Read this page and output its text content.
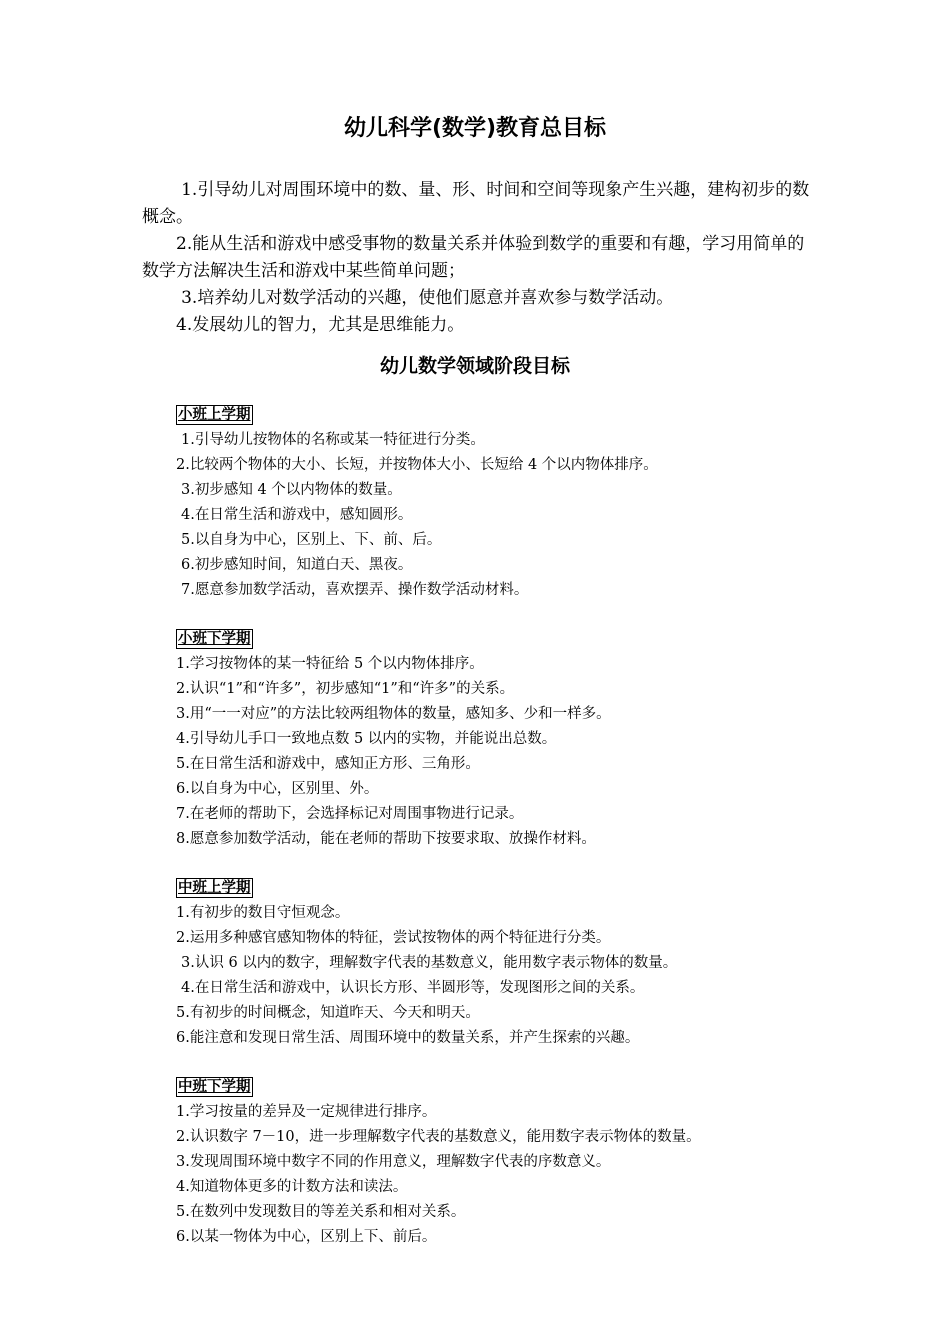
幼儿科学(数学)教育总目标

1.引导幼儿对周围环境中的数、量、形、时间和空间等现象产生兴趣，建构初步的数概念。

2.能从生活和游戏中感受事物的数量关系并体验到数学的重要和有趣，学习用简单的数学方法解决生活和游戏中某些简单问题；

3.培养幼儿对数学活动的兴趣，使他们愿意并喜欢参与数学活动。

4.发展幼儿的智力，尤其是思维能力。

幼儿数学领域阶段目标
小班上学期
1.引导幼儿按物体的名称或某一特征进行分类。
2.比较两个物体的大小、长短，并按物体大小、长短给 4 个以内物体排序。
3.初步感知 4 个以内物体的数量。
4.在日常生活和游戏中，感知圆形。
5.以自身为中心，区别上、下、前、后。
6.初步感知时间，知道白天、黑夜。
7.愿意参加数学活动，喜欢摆弄、操作数学活动材料。
小班下学期
1.学习按物体的某一特征给 5 个以内物体排序。
2.认识“1”和“许多”，初步感知“1”和“许多”的关系。
3.用“一一对应”的方法比较两组物体的数量，感知多、少和一样多。
4.引导幼儿手口一致地点数 5 以内的实物，并能说出总数。
5.在日常生活和游戏中，感知正方形、三角形。
6.以自身为中心，区别里、外。
7.在老师的帮助下，会选择标记对周围事物进行记录。
8.愿意参加数学活动，能在老师的帮助下按要求取、放操作材料。
中班上学期
1.有初步的数目守恒观念。
2.运用多种感官感知物体的特征，尝试按物体的两个特征进行分类。
3.认识 6 以内的数字，理解数字代表的基数意义，能用数字表示物体的数量。
4.在日常生活和游戏中，认识长方形、半圆形等，发现图形之间的关系。
5.有初步的时间概念，知道昨天、今天和明天。
6.能注意和发现日常生活、周围环境中的数量关系，并产生探索的兴趣。
中班下学期
1.学习按量的差异及一定规律进行排序。
2.认识数字 7－10，进一步理解数字代表的基数意义，能用数字表示物体的数量。
3.发现周围环境中数字不同的作用意义，理解数字代表的序数意义。
4.知道物体更多的计数方法和读法。
5.在数列中发现数目的等差关系和相对关系。
6.以某一物体为中心，区别上下、前后。
